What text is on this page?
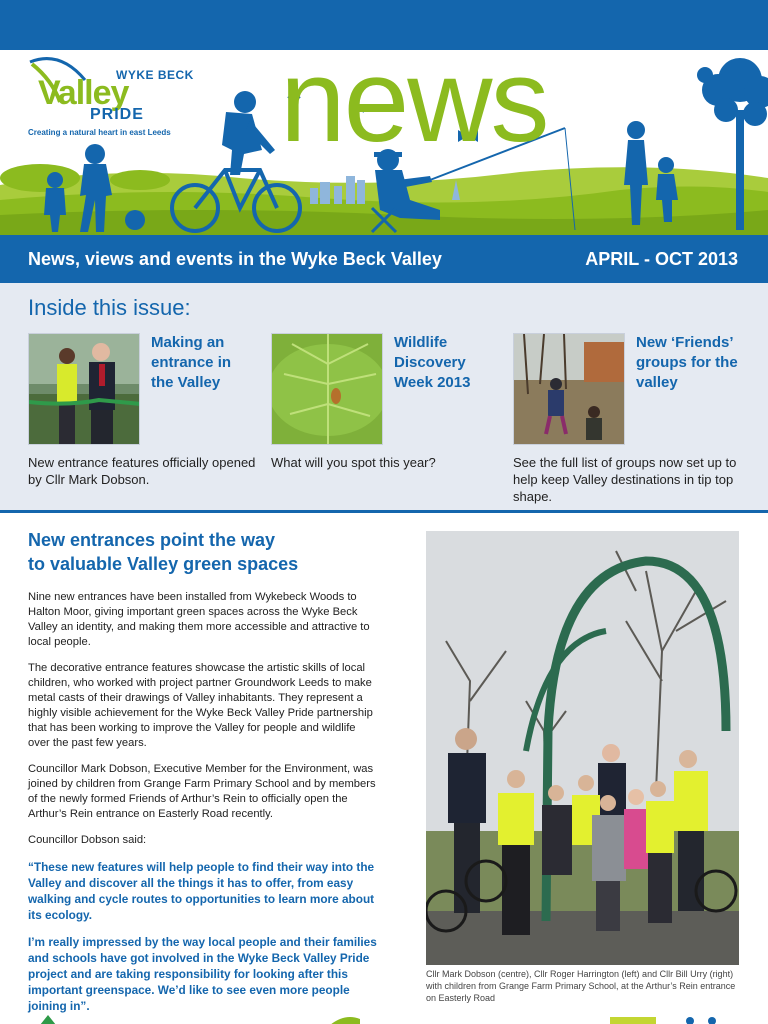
WYKE BECK
Valley
PRIDE
Creating a natural heart in east Leeds news
News, views and events in the Wyke Beck Valley	APRIL - OCT 2013
Inside this issue:
Making an entrance in the Valley
New entrance features officially opened by Cllr Mark Dobson.
Wildlife Discovery Week 2013
What will you spot this year?
New ‘Friends’ groups for the valley
See the full list of groups now set up to help keep Valley destinations in tip top shape.
New entrances point the way
to valuable Valley green spaces

Nine new entrances have been installed from Wykebeck Woods to Halton Moor, giving important green spaces across the Wyke Beck Valley an identity, and making them more accessible and attractive to local people.

The decorative entrance features showcase the artistic skills of local children, who worked with project partner Groundwork Leeds to make metal casts of their drawings of Valley inhabitants. They represent a highly visible achievement for the Wyke Beck Valley Pride partnership that has been working to improve the Valley for people and wildlife over the past few years.

Councillor Mark Dobson, Executive Member for the Environment, was joined by children from Grange Farm Primary School and by members of the newly formed Friends of Arthur’s Rein to officially open the Arthur’s Rein entrance on Easterly Road recently.

Councillor Dobson said:

“These new features will help people to find their way into the Valley and discover all the things it has to offer, from easy walking and cycle routes to opportunities to learn more about its ecology.

I’m really impressed by the way local people and their families and schools have got involved in the Wyke Beck Valley Pride project and are taking responsibility for looking after this important greenspace. We’d like to see even more people joining in”.

Cllr Mark Dobson (centre), Cllr Roger Harrington (left) and Cllr Bill Urry (right) with children from Grange Farm Primary School, at the Arthur’s Rein entrance on Easterly Road
